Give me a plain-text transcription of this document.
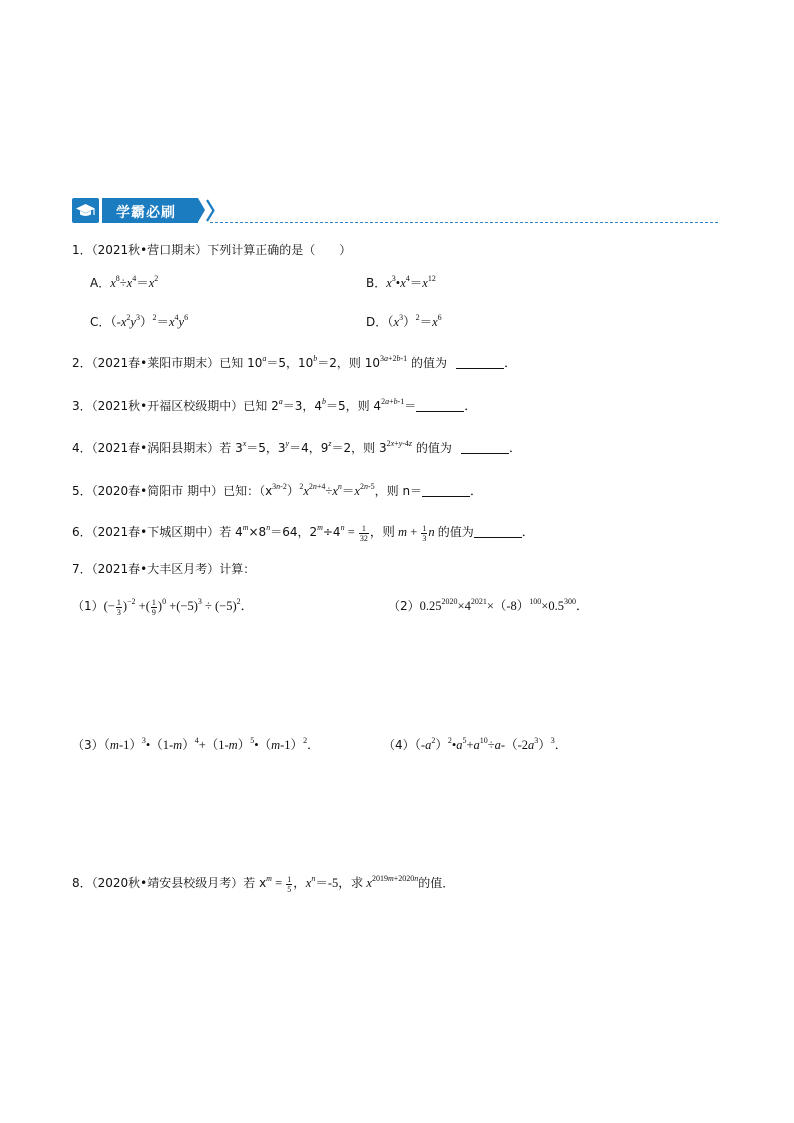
学霸必刷
1．（2021秋•营口期末）下列计算正确的是（　　）
A．$x^8\div x^4=x^2$	B．$x^3•x^4=x^{12}$
C．$(-x^2y^3)^2=x^4y^6$	D．$(x^3)^2=x^6$
2．（2021春•莱阳市期末）已知 $10^a=5$，$10^b=2$，则 $10^{3a+2b-1}$ 的值为	．
3．（2021秋•开福区校级期中）已知 $2^a=3$，$4^b=5$，则 $4^{2a+b-1}=$	．
4．（2021春•涡阳县期末）若 $3^x=5$，$3^y=4$，$9^z=2$，则 $3^{2x+y-4z}$ 的值为	．
5．（2020春•简阳市 期中）已知：$(x^{3n-2})^2x^{2n+4}\div x^n=x^{2n-5}$，则 n＝	．
6．（2021春•下城区期中）若 $4^m\times 8^n=64$，$2^m\div 4^n = \frac{1}{32}$ ，则 $m + \frac{1}{3}$ n 的值为	．
7．（2021春•大丰区月考）计算：
$(1)(- \frac{1}{3} )^{-2}$ +( $\frac{1}{9} )^0 +(-5)^3 \div (-5)^2$．	$(2)0.25^{2020}\times 4^{2021}\times(-8)^{100}\times 0.5^{300}$．
$(3)(m-1)^3•(1-m)^4+(1-m)^5•(m-1)^2$．	$(4)(-a^2)^2•a^5+a^{10}\div a-(-2a^3)^3$．
8．（2020秋•靖安县校级月考）若 $x^m = \frac{1}{5}$ ，$x^n=-5$，求 $x^{2019m+2020n}$的值．
